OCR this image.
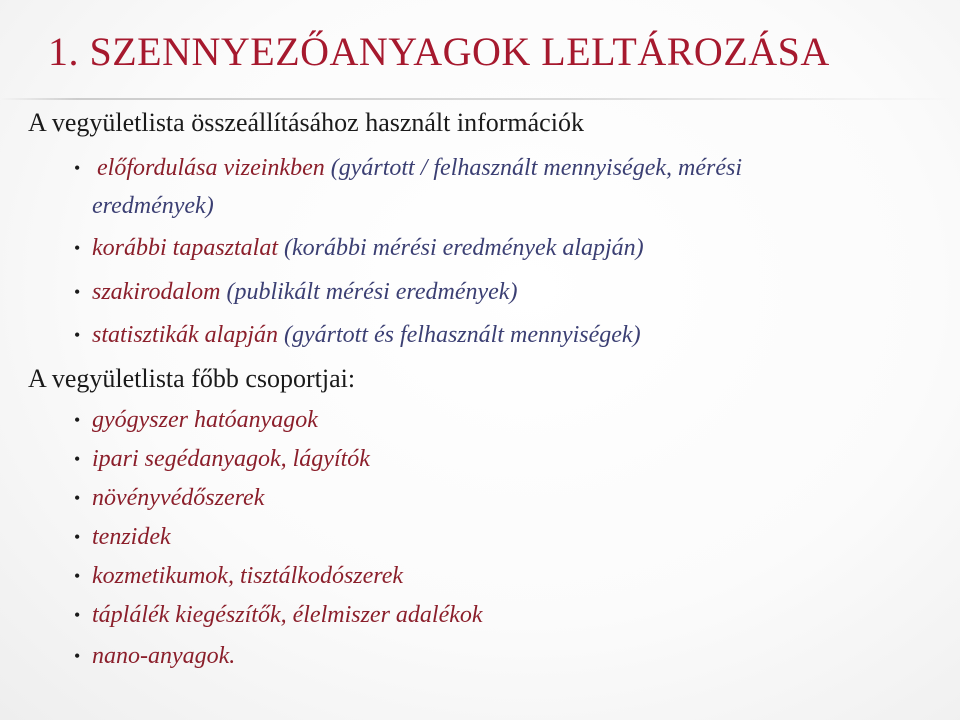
1. SZENNYEZŐANYAGOK LELTÁROZÁSA

A vegyületlista összeállításához használt információk

•
előfordulása vizeinkben (gyártott / felhasznált mennyiségek, mérési
eredmények)
•
korábbi tapasztalat (korábbi mérési eredmények alapján)
•
szakirodalom (publikált mérési eredmények)
•
statisztikák alapján (gyártott és felhasznált mennyiségek)

A vegyületlista főbb csoportjai:

•
gyógyszer hatóanyagok
•
ipari segédanyagok, lágyítók
•
növényvédőszerek
•
tenzidek
•
kozmetikumok, tisztálkodószerek
•
táplálék kiegészítők, élelmiszer adalékok
•
nano-anyagok.
